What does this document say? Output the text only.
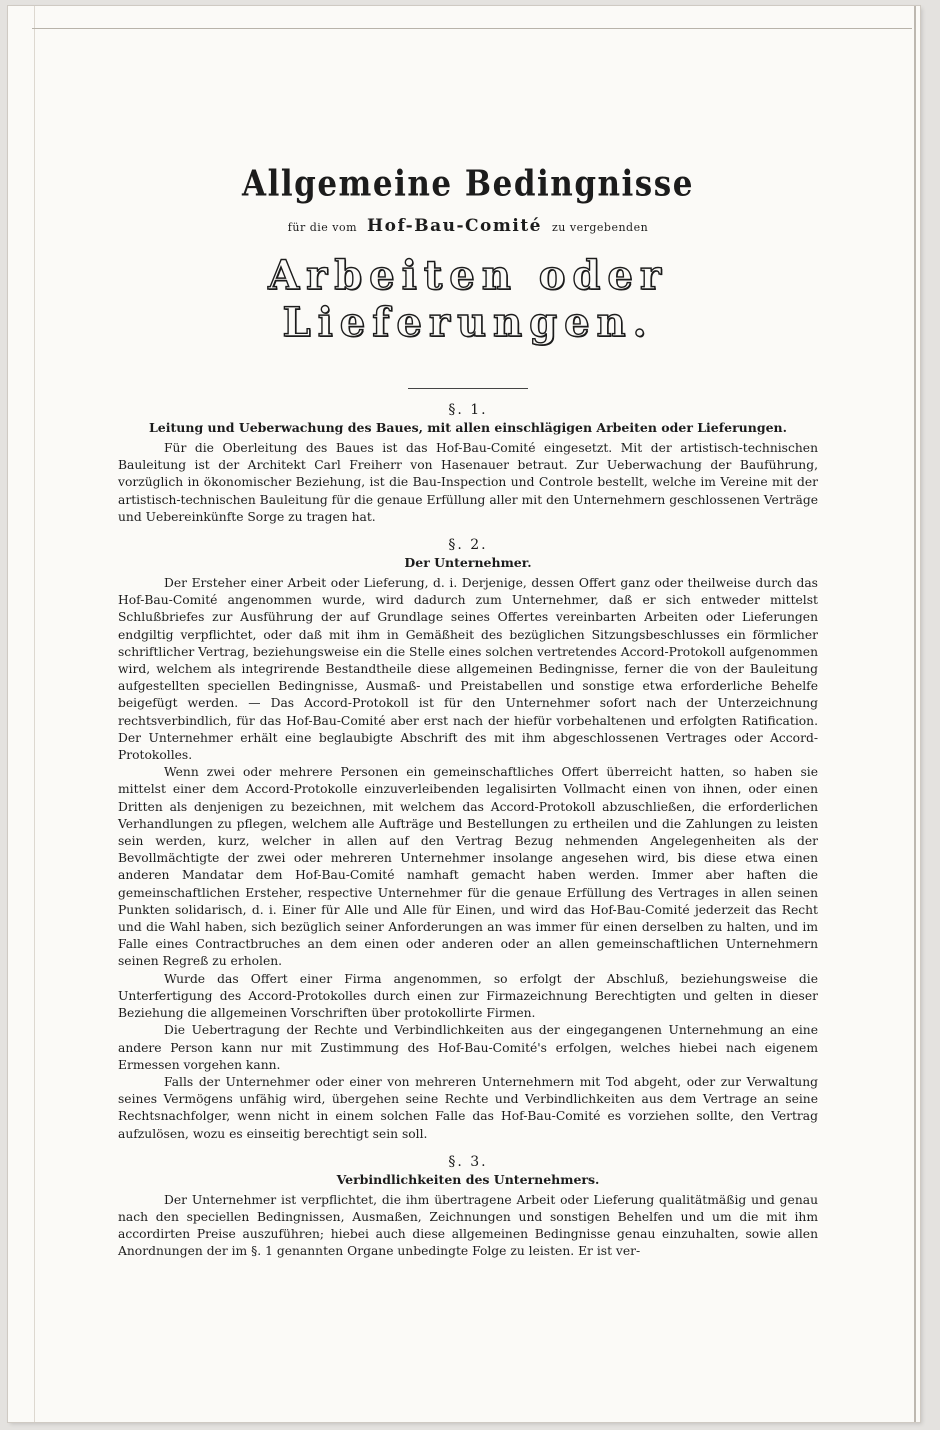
Allgemeine Bedingnisse
für die vom Hof-Bau-Comité zu vergebenden
Arbeiten oder Lieferungen.
§. 1.
Leitung und Ueberwachung des Baues, mit allen einschlägigen Arbeiten oder Lieferungen.

Für die Oberleitung des Baues ist das Hof-Bau-Comité eingesetzt. Mit der artistisch-technischen Bauleitung ist der Architekt Carl Freiherr von Hasenauer betraut. Zur Ueberwachung der Bauführung, vorzüglich in ökonomischer Beziehung, ist die Bau-Inspection und Controle bestellt, welche im Vereine mit der artistisch-technischen Bauleitung für die genaue Erfüllung aller mit den Unternehmern geschlossenen Verträge und Uebereinkünfte Sorge zu tragen hat.

§. 2.
Der Unternehmer.

Der Ersteher einer Arbeit oder Lieferung, d. i. Derjenige, dessen Offert ganz oder theilweise durch das Hof-Bau-Comité angenommen wurde, wird dadurch zum Unternehmer, daß er sich entweder mittelst Schlußbriefes zur Ausführung der auf Grundlage seines Offertes vereinbarten Arbeiten oder Lieferungen endgiltig verpflichtet, oder daß mit ihm in Gemäßheit des bezüglichen Sitzungsbeschlusses ein förmlicher schriftlicher Vertrag, beziehungsweise ein die Stelle eines solchen vertretendes Accord-Protokoll aufgenommen wird, welchem als integrirende Bestandtheile diese allgemeinen Bedingnisse, ferner die von der Bauleitung aufgestellten speciellen Bedingnisse, Ausmaß- und Preistabellen und sonstige etwa erforderliche Behelfe beigefügt werden. — Das Accord-Protokoll ist für den Unternehmer sofort nach der Unterzeichnung rechtsverbindlich, für das Hof-Bau-Comité aber erst nach der hiefür vorbehaltenen und erfolgten Ratification. Der Unternehmer erhält eine beglaubigte Abschrift des mit ihm abgeschlossenen Vertrages oder Accord-Protokolles.

Wenn zwei oder mehrere Personen ein gemeinschaftliches Offert überreicht hatten, so haben sie mittelst einer dem Accord-Protokolle einzuverleibenden legalisirten Vollmacht einen von ihnen, oder einen Dritten als denjenigen zu bezeichnen, mit welchem das Accord-Protokoll abzuschließen, die erforderlichen Verhandlungen zu pflegen, welchem alle Aufträge und Bestellungen zu ertheilen und die Zahlungen zu leisten sein werden, kurz, welcher in allen auf den Vertrag Bezug nehmenden Angelegenheiten als der Bevollmächtigte der zwei oder mehreren Unternehmer insolange angesehen wird, bis diese etwa einen anderen Mandatar dem Hof-Bau-Comité namhaft gemacht haben werden. Immer aber haften die gemeinschaftlichen Ersteher, respective Unternehmer für die genaue Erfüllung des Vertrages in allen seinen Punkten solidarisch, d. i. Einer für Alle und Alle für Einen, und wird das Hof-Bau-Comité jederzeit das Recht und die Wahl haben, sich bezüglich seiner Anforderungen an was immer für einen derselben zu halten, und im Falle eines Contractbruches an dem einen oder anderen oder an allen gemeinschaftlichen Unternehmern seinen Regreß zu erholen.

Wurde das Offert einer Firma angenommen, so erfolgt der Abschluß, beziehungsweise die Unterfertigung des Accord-Protokolles durch einen zur Firmazeichnung Berechtigten und gelten in dieser Beziehung die allgemeinen Vorschriften über protokollirte Firmen.

Die Uebertragung der Rechte und Verbindlichkeiten aus der eingegangenen Unternehmung an eine andere Person kann nur mit Zustimmung des Hof-Bau-Comité's erfolgen, welches hiebei nach eigenem Ermessen vorgehen kann.

Falls der Unternehmer oder einer von mehreren Unternehmern mit Tod abgeht, oder zur Verwaltung seines Vermögens unfähig wird, übergehen seine Rechte und Verbindlichkeiten aus dem Vertrage an seine Rechtsnachfolger, wenn nicht in einem solchen Falle das Hof-Bau-Comité es vorziehen sollte, den Vertrag aufzulösen, wozu es einseitig berechtigt sein soll.

§. 3.
Verbindlichkeiten des Unternehmers.

Der Unternehmer ist verpflichtet, die ihm übertragene Arbeit oder Lieferung qualitätmäßig und genau nach den speciellen Bedingnissen, Ausmaßen, Zeichnungen und sonstigen Behelfen und um die mit ihm accordirten Preise auszuführen; hiebei auch diese allgemeinen Bedingnisse genau einzuhalten, sowie allen Anordnungen der im §. 1 genannten Organe unbedingte Folge zu leisten. Er ist ver-
